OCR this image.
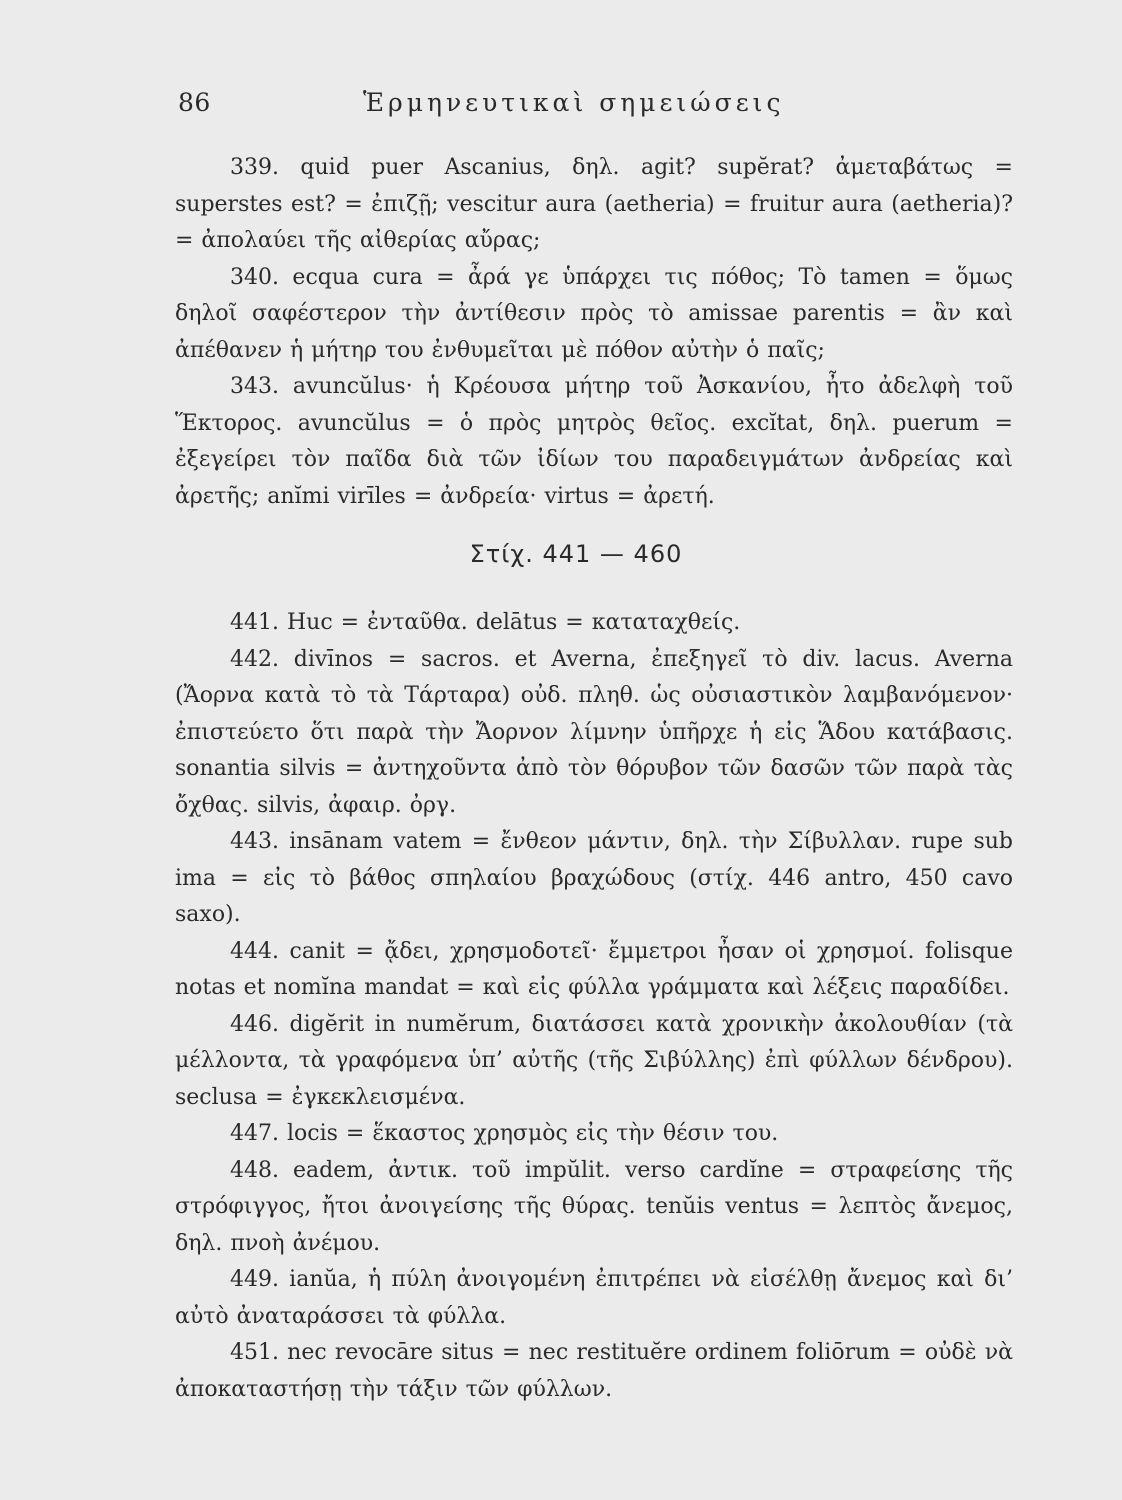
86	Ἑρμηνευτικαὶ σημειώσεις

339. quid puer Ascanius, δηλ. agit? supĕrat? ἀμεταβάτως = superstes est? = ἐπιζῇ; vescitur aura (aetheria) = fruitur aura (aetheria)? = ἀπολαύει τῆς αἰθερίας αὔρας;

340. ecqua cura = ἆρά γε ὑπάρχει τις πόθος; Τὸ tamen = ὅμως δηλοῖ σαφέστερον τὴν ἀντίθεσιν πρὸς τὸ amissae parentis = ἂν καὶ ἀπέθανεν ἡ μήτηρ του ἐνθυμεῖται μὲ πόθον αὐτὴν ὁ παῖς;

343. avuncŭlus· ἡ Κρέουσα μήτηρ τοῦ Ἀσκανίου, ἦτο ἀδελφὴ τοῦ Ἕκτορος. avuncŭlus = ὁ πρὸς μητρὸς θεῖος. excĭtat, δηλ. puerum = ἐξεγείρει τὸν παῖδα διὰ τῶν ἰδίων του παραδειγμάτων ἀνδρείας καὶ ἀρετῆς; anĭmi virīles = ἀνδρεία· virtus = ἀρετή.

Στίχ. 441 — 460

441. Huc = ἐνταῦθα. delātus = καταταχθείς.

442. divīnos = sacros. et Averna, ἐπεξηγεῖ τὸ div. lacus. Averna (Ἄορνα κατὰ τὸ τὰ Τάρταρα) οὐδ. πληθ. ὡς οὐσιαστικὸν λαμβανόμενον· ἐπιστεύετο ὅτι παρὰ τὴν Ἄορνον λίμνην ὑπῆρχε ἡ εἰς Ἅδου κατάβασις. sonantia silvis = ἀντηχοῦντα ἀπὸ τὸν θόρυβον τῶν δασῶν τῶν παρὰ τὰς ὄχθας. silvis, ἀφαιρ. ὀργ.

443. insānam vatem = ἔνθεον μάντιν, δηλ. τὴν Σίβυλλαν. rupe sub ima = εἰς τὸ βάθος σπηλαίου βραχώδους (στίχ. 446 antro, 450 cavo saxo).

444. canit = ᾄδει, χρησμοδοτεῖ· ἔμμετροι ἦσαν οἱ χρησμοί. folisque notas et nomĭna mandat = καὶ εἰς φύλλα γράμματα καὶ λέξεις παραδίδει.

446. digĕrit in numĕrum, διατάσσει κατὰ χρονικὴν ἀκολουθίαν (τὰ μέλλοντα, τὰ γραφόμενα ὑπ’ αὐτῆς (τῆς Σιβύλλης) ἐπὶ φύλλων δένδρου). seclusa = ἐγκεκλεισμένα.

447. locis = ἕκαστος χρησμὸς εἰς τὴν θέσιν του.

448. eadem, ἀντικ. τοῦ impŭlit. verso cardĭne = στραφείσης τῆς στρόφιγγος, ἤτοι ἀνοιγείσης τῆς θύρας. tenŭis ventus = λεπτὸς ἄνεμος, δηλ. πνοὴ ἀνέμου.

449. ianŭa, ἡ πύλη ἀνοιγομένη ἐπιτρέπει νὰ εἰσέλθῃ ἄνεμος καὶ δι’ αὐτὸ ἀναταράσσει τὰ φύλλα.

451. nec revocāre situs = nec restituĕre ordinem foliōrum = οὐδὲ νὰ ἀποκαταστήσῃ τὴν τάξιν τῶν φύλλων.
